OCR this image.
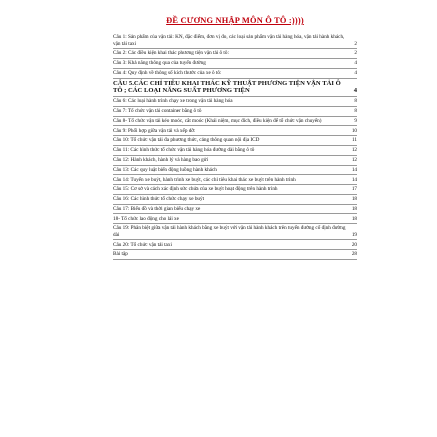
ĐỀ CƯƠNG NHẬP MÔN Ô TÔ :))))
Câu 1: Sản phẩm của vận tải: KN, đặc điểm, đơn vị đo, các loại sản phẩm vận tải hàng hóa, vận tải hành khách, vận tải taxi	2
Câu 2: Các điều kiện khai thác phương tiện vận tải ô tô:	2
Câu 3: Khả năng thông qua của tuyến đường	4
Câu 4: Quy định về thông số kích thước của xe ô tô:	4
CÂU 5.CÁC CHỈ TIÊU KHAI THÁC KỸ THUẬT PHƯƠNG TIỆN VẬN TẢI Ô TÔ ; CÁC LOẠI NĂNG SUẤT PHƯƠNG TIỆN	4
Câu 6: Các loại hành trình chạy xe trong vận tải hàng hóa	8
Câu 7: Tổ chức vận tải container bằng ô tô	8
Câu 8- Tổ chức vận tải kéo moóc, cắt moóc (Khái niệm, mục đích, điều kiện để tổ chức vận chuyển)	9
Câu 9: Phối hợp giữa vận tải và xếp dỡ:	10
Câu 10: Tổ chức vận tải đa phương thức, cảng thông quan nội địa ICD	11
Câu 11: Các hình thức tổ chức vận tải hàng hóa đường dài bằng ô tô	12
Câu 12: Hành khách, hành lý và hàng bao gửi	12
Câu 13: Các quy luật biến động luồng hành khách	14
Câu 14: Tuyến xe buýt, hành trình xe buýt, các chỉ tiêu khai thác xe buýt trên hành trình	14
Câu 15: Cơ sở và cách xác định sức chứa của xe buýt hoạt động trên hành trình	17
Câu 16: Các hình thức tổ chức chạy xe buýt	18
Câu 17: Biểu đồ và thời gian biểu chạy xe	18
18- Tổ chức lao động cho lái xe	18
Câu 19: Phân biệt giữa vận tải hành khách bằng xe buýt với vận tải hành khách trên tuyến đường cố định đường dài	19
Câu 20: Tổ chức vận tải taxi	20
Bài tập	28
